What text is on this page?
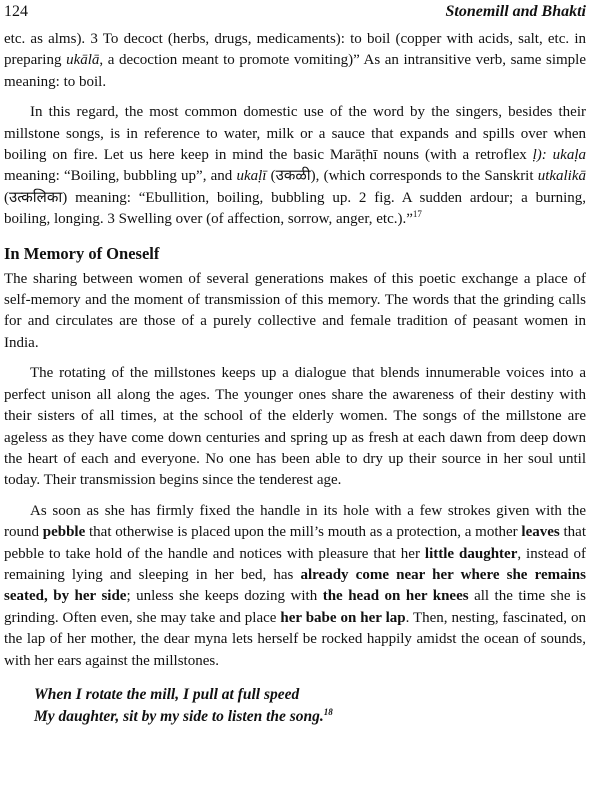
124	Stonemill and Bhakti

etc. as alms). 3 To decoct (herbs, drugs, medicaments): to boil (copper with acids, salt, etc. in preparing ukālā, a decoction meant to promote vomiting)” As an intransitive verb, same simple meaning: to boil.

In this regard, the most common domestic use of the word by the singers, besides their millstone songs, is in reference to water, milk or a sauce that expands and spills over when boiling on fire. Let us here keep in mind the basic Marāṭhī nouns (with a retroflex ḷ): ukaḷa meaning: “Boiling, bubbling up”, and ukaḷī (उकळी), (which corresponds to the Sanskrit utkalikā (उत्कलिका) meaning: “Ebullition, boiling, bubbling up. 2 fig. A sudden ardour; a burning, boiling, longing. 3 Swelling over (of affection, sorrow, anger, etc.).”$^{17}$

In Memory of Oneself

The sharing between women of several generations makes of this poetic exchange a place of self-memory and the moment of transmission of this memory. The words that the grinding calls for and circulates are those of a purely collective and female tradition of peasant women in India.

The rotating of the millstones keeps up a dialogue that blends innumerable voices into a perfect unison all along the ages. The younger ones share the awareness of their destiny with their sisters of all times, at the school of the elderly women. The songs of the millstone are ageless as they have come down centuries and spring up as fresh at each dawn from deep down the heart of each and everyone. No one has been able to dry up their source in her soul until today. Their transmission begins since the tenderest age.

As soon as she has firmly fixed the handle in its hole with a few strokes given with the round pebble that otherwise is placed upon the mill’s mouth as a protection, a mother leaves that pebble to take hold of the handle and notices with pleasure that her little daughter, instead of remaining lying and sleeping in her bed, has already come near her where she remains seated, by her side; unless she keeps dozing with the head on her knees all the time she is grinding. Often even, she may take and place her babe on her lap. Then, nesting, fascinated, on the lap of her mother, the dear myna lets herself be rocked happily amidst the ocean of sounds, with her ears against the millstones.

When I rotate the mill, I pull at full speed
My daughter, sit by my side to listen the song.$^{18}$
